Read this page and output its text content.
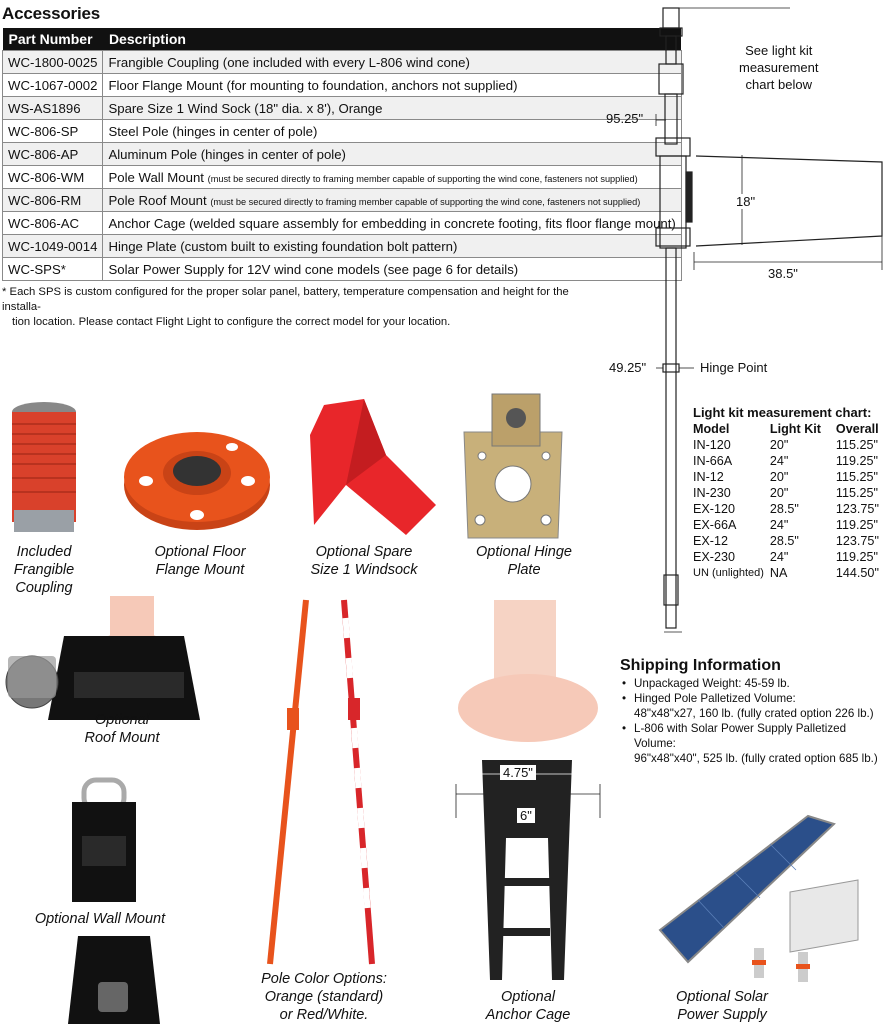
Accessories
Part Number	Description
WC-1800-0025	Frangible Coupling (one included with every L-806 wind cone)
WC-1067-0002	Floor Flange Mount (for mounting to foundation, anchors not supplied)
WS-AS1896	Spare Size 1 Wind Sock (18" dia. x 8'), Orange
WC-806-SP	Steel Pole (hinges in center of pole)
WC-806-AP	Aluminum Pole (hinges in center of pole)
WC-806-WM	Pole Wall Mount (must be secured directly to framing member capable of supporting the wind cone, fasteners not supplied)
WC-806-RM	Pole Roof Mount (must be secured directly to framing member capable of supporting the wind cone, fasteners not supplied)
WC-806-AC	Anchor Cage (welded square assembly for embedding in concrete footing, fits floor flange mount)
WC-1049-0014	Hinge Plate (custom built to existing foundation bolt pattern)
WC-SPS*	Solar Power Supply for 12V wind cone models (see page 6 for details)
* Each SPS is custom configured for the proper solar panel, battery, temperature compensation and height for the installa-
tion location. Please contact Flight Light to configure the correct model for your location.
See light kit
measurement
chart below
95.25"
18"
38.5"
49.25"	Hinge Point
Light kit measurement chart:
Model	Light Kit	Overall
IN-120	20"	115.25"
IN-66A	24"	119.25"
IN-12	20"	115.25"
IN-230	20"	115.25"
EX-120	28.5"	123.75"
EX-66A	24"	119.25"
EX-12	28.5"	123.75"
EX-230	24"	119.25"
UN (unlighted)	NA	144.50"
Shipping Information
• Unpackaged Weight: 45-59 lb.
• Hinged Pole Palletized Volume:
48"x48"x27, 160 lb. (fully crated option 226 lb.)
• L-806 with Solar Power Supply Palletized Volume:
96"x48"x40", 525 lb. (fully crated option 685 lb.)
Included
Frangible
Coupling
Optional Floor
Flange Mount
Optional Spare
Size 1 Windsock
Optional Hinge
Plate
Optional
Roof Mount
Optional Wall Mount
Pole Color Options:
Orange (standard)
or Red/White.
4.75"
6"
Optional
Anchor Cage
Optional Solar
Power Supply
